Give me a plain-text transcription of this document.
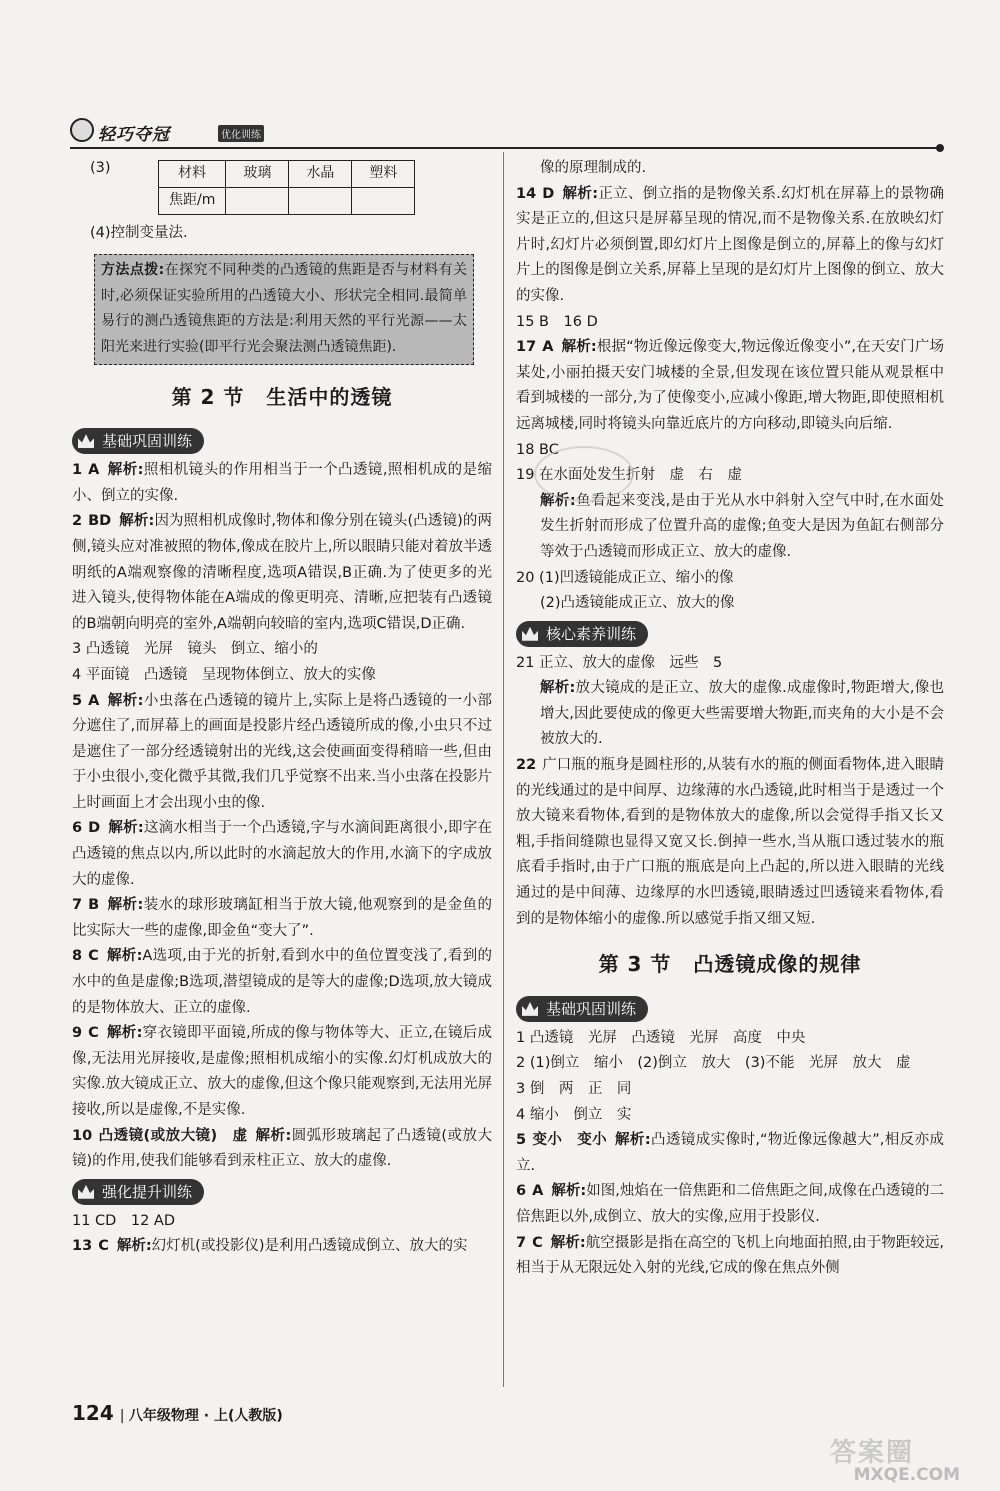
轻巧夺冠	优化训练

(3)	材料	玻璃	水晶	塑料
焦距/m			

(4)控制变量法.

方法点拨:在探究不同种类的凸透镜的焦距是否与材料有关时,必须保证实验所用的凸透镜大小、形状完全相同.最简单易行的测凸透镜焦距的方法是:利用天然的平行光源——太阳光来进行实验(即平行光会聚法测凸透镜焦距).
第 2 节 生活中的透镜
基础巩固训练

1 A 解析:照相机镜头的作用相当于一个凸透镜,照相机成的是缩小、倒立的实像.

2 BD 解析:因为照相机成像时,物体和像分别在镜头(凸透镜)的两侧,镜头应对准被照的物体,像成在胶片上,所以眼睛只能对着放半透明纸的A端观察像的清晰程度,选项A错误,B正确.为了使更多的光进入镜头,使得物体能在A端成的像更明亮、清晰,应把装有凸透镜的B端朝向明亮的室外,A端朝向较暗的室内,选项C错误,D正确.

3 凸透镜　光屏　镜头　倒立、缩小的

4 平面镜　凸透镜　呈现物体倒立、放大的实像

5 A 解析:小虫落在凸透镜的镜片上,实际上是将凸透镜的一小部分遮住了,而屏幕上的画面是投影片经凸透镜所成的像,小虫只不过是遮住了一部分经透镜射出的光线,这会使画面变得稍暗一些,但由于小虫很小,变化微乎其微,我们几乎觉察不出来.当小虫落在投影片上时画面上才会出现小虫的像.

6 D 解析:这滴水相当于一个凸透镜,字与水滴间距离很小,即字在凸透镜的焦点以内,所以此时的水滴起放大的作用,水滴下的字成放大的虚像.

7 B 解析:装水的球形玻璃缸相当于放大镜,他观察到的是金鱼的比实际大一些的虚像,即金鱼“变大了”.

8 C 解析:A选项,由于光的折射,看到水中的鱼位置变浅了,看到的水中的鱼是虚像;B选项,潜望镜成的是等大的虚像;D选项,放大镜成的是物体放大、正立的虚像.

9 C 解析:穿衣镜即平面镜,所成的像与物体等大、正立,在镜后成像,无法用光屏接收,是虚像;照相机成缩小的实像.幻灯机成放大的实像.放大镜成正立、放大的虚像,但这个像只能观察到,无法用光屏接收,所以是虚像,不是实像.

10 凸透镜(或放大镜)　虚 解析:圆弧形玻璃起了凸透镜(或放大镜)的作用,使我们能够看到汞柱正立、放大的虚像.

强化提升训练

11 CD　12 AD

13 C 解析:幻灯机(或投影仪)是利用凸透镜成倒立、放大的实

像的原理制成的.

14 D 解析:正立、倒立指的是物像关系.幻灯机在屏幕上的景物确实是正立的,但这只是屏幕呈现的情况,而不是物像关系.在放映幻灯片时,幻灯片必须倒置,即幻灯片上图像是倒立的,屏幕上的像与幻灯片上的图像是倒立关系,屏幕上呈现的是幻灯片上图像的倒立、放大的实像.

15 B　16 D

17 A 解析:根据“物近像远像变大,物远像近像变小”,在天安门广场某处,小丽拍摄天安门城楼的全景,但发现在该位置只能从观景框中看到城楼的一部分,为了使像变小,应减小像距,增大物距,即使照相机远离城楼,同时将镜头向靠近底片的方向移动,即镜头向后缩.

18 BC

19 在水面处发生折射　虚　右　虚

解析:鱼看起来变浅,是由于光从水中斜射入空气中时,在水面处发生折射而形成了位置升高的虚像;鱼变大是因为鱼缸右侧部分等效于凸透镜而形成正立、放大的虚像.

20 (1)凹透镜能成正立、缩小的像

(2)凸透镜能成正立、放大的像

核心素养训练

21 正立、放大的虚像　远些　5

解析:放大镜成的是正立、放大的虚像.成虚像时,物距增大,像也增大,因此要使成的像更大些需要增大物距,而夹角的大小是不会被放大的.

22 广口瓶的瓶身是圆柱形的,从装有水的瓶的侧面看物体,进入眼睛的光线通过的是中间厚、边缘薄的水凸透镜,此时相当于是透过一个放大镜来看物体,看到的是物体放大的虚像,所以会觉得手指又长又粗,手指间缝隙也显得又宽又长.倒掉一些水,当从瓶口透过装水的瓶底看手指时,由于广口瓶的瓶底是向上凸起的,所以进入眼睛的光线通过的是中间薄、边缘厚的水凹透镜,眼睛透过凹透镜来看物体,看到的是物体缩小的虚像.所以感觉手指又细又短.

第 3 节 凸透镜成像的规律
基础巩固训练

1 凸透镜　光屏　凸透镜　光屏　高度　中央

2 (1)倒立　缩小　(2)倒立　放大　(3)不能　光屏　放大　虚

3 倒　两　正　同

4 缩小　倒立　实

5 变小　变小 解析:凸透镜成实像时,“物近像远像越大”,相反亦成立.

6 A 解析:如图,烛焰在一倍焦距和二倍焦距之间,成像在凸透镜的二倍焦距以外,成倒立、放大的实像,应用于投影仪.

7 C 解析:航空摄影是指在高空的飞机上向地面拍照,由于物距较远,相当于从无限远处入射的光线,它成的像在焦点外侧

124 | 八年级物理 · 上(人教版)
答案圈
MXQE.COM
